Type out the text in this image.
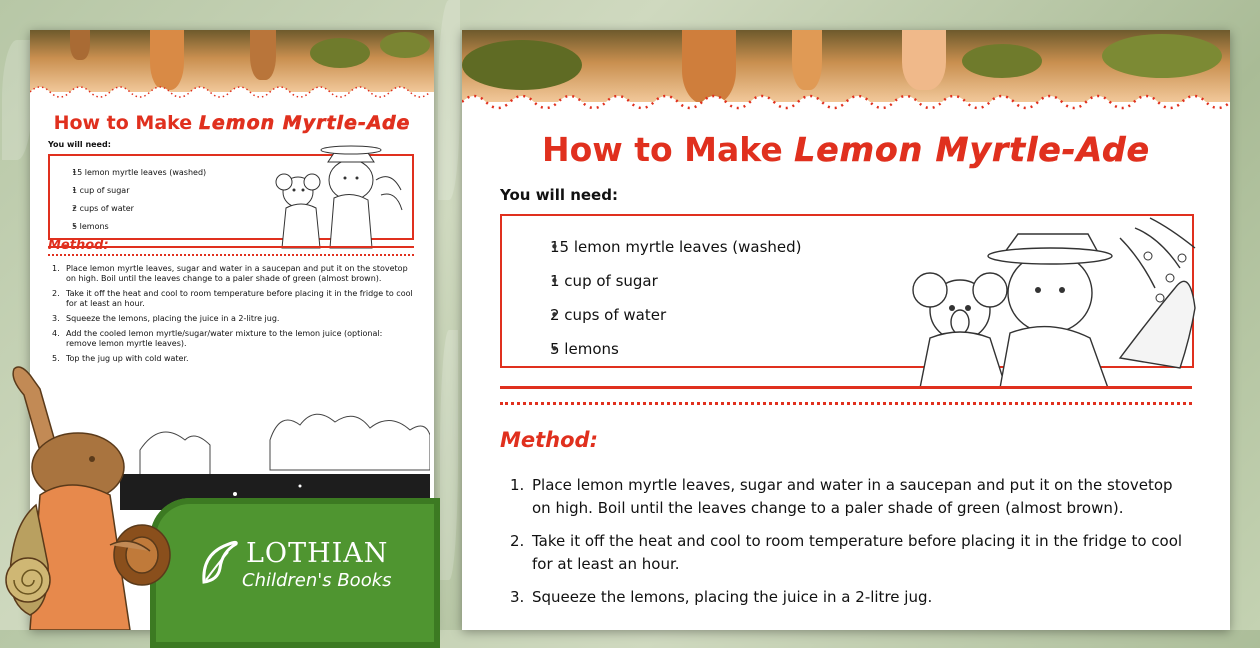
How to Make Lemon Myrtle-Ade
You will need:
• 15 lemon myrtle leaves (washed)
• 1 cup of sugar
• 2 cups of water
• 5 lemons
Method:
1. Place lemon myrtle leaves, sugar and water in a saucepan and put it on the stovetop on high. Boil until the leaves change to a paler shade of green (almost brown).
2. Take it off the heat and cool to room temperature before placing it in the fridge to cool for at least an hour.
3. Squeeze the lemons, placing the juice in a 2-litre jug.
4. Add the cooled lemon myrtle/sugar/water mixture to the lemon juice (optional: remove lemon myrtle leaves).
5. Top the jug up with cold water.
How to Make Lemon Myrtle-Ade
You will need:
• 15 lemon myrtle leaves (washed)
• 1 cup of sugar
• 2 cups of water
• 5 lemons
Method:
1. Place lemon myrtle leaves, sugar and water in a saucepan and put it on the stovetop on high. Boil until the leaves change to a paler shade of green (almost brown).
2. Take it off the heat and cool to room temperature before placing it in the fridge to cool for at least an hour.
3. Squeeze the lemons, placing the juice in a 2-litre jug.
LOTHIAN
Children's Books
